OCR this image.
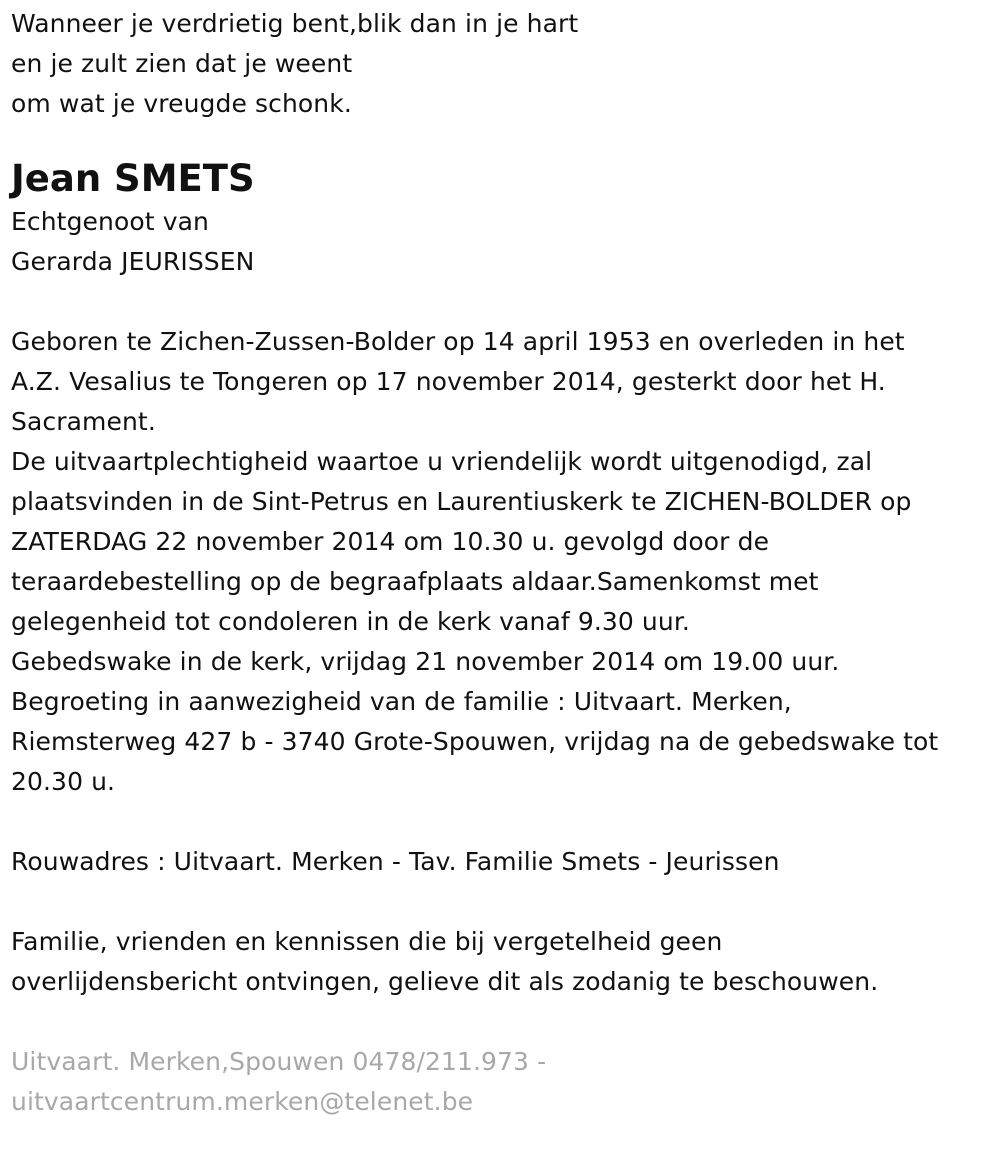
Wanneer je verdrietig bent,blik dan in je hart
en je zult zien dat je weent
om wat je vreugde schonk.
Jean SMETS
Echtgenoot van
Gerarda JEURISSEN
Geboren te Zichen-Zussen-Bolder op 14 april 1953 en overleden in het
A.Z. Vesalius te Tongeren op 17 november 2014, gesterkt door het H.
Sacrament.
De uitvaartplechtigheid waartoe u vriendelijk wordt uitgenodigd, zal
plaatsvinden in de Sint-Petrus en Laurentiuskerk te ZICHEN-BOLDER op
ZATERDAG 22 november 2014 om 10.30 u. gevolgd door de
teraardebestelling op de begraafplaats aldaar.Samenkomst met
gelegenheid tot condoleren in de kerk vanaf 9.30 uur.
Gebedswake in de kerk, vrijdag 21 november 2014 om 19.00 uur.
Begroeting in aanwezigheid van de familie : Uitvaart. Merken,
Riemsterweg 427 b - 3740 Grote-Spouwen, vrijdag na de gebedswake tot
20.30 u.
Rouwadres : Uitvaart. Merken - Tav. Familie Smets - Jeurissen
Familie, vrienden en kennissen die bij vergetelheid geen
overlijdensbericht ontvingen, gelieve dit als zodanig te beschouwen.
Uitvaart. Merken,Spouwen 0478/211.973 -
uitvaartcentrum.merken@telenet.be
